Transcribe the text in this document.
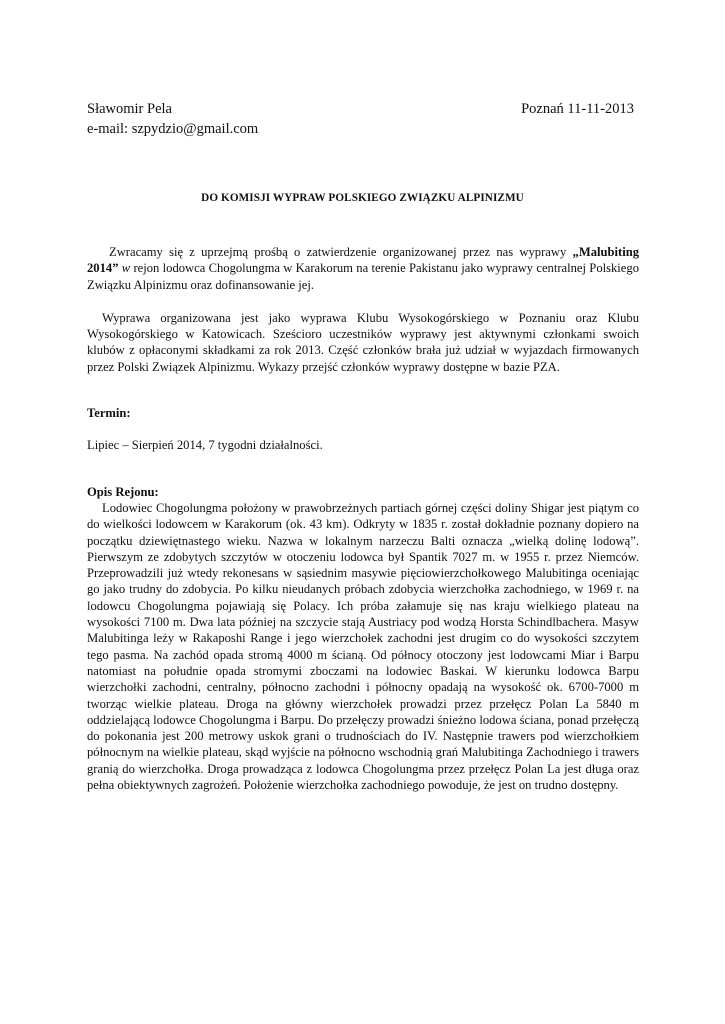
Sławomir Pela
e-mail: szpydzio@gmail.com
Poznań 11-11-2013
DO KOMISJI WYPRAW POLSKIEGO ZWIĄZKU ALPINIZMU

Zwracamy się z uprzejmą prośbą o zatwierdzenie organizowanej przez nas wyprawy „Malubiting 2014” w rejon lodowca Chogolungma w Karakorum na terenie Pakistanu jako wyprawy centralnej Polskiego Związku Alpinizmu oraz dofinansowanie jej.

Wyprawa organizowana jest jako wyprawa Klubu Wysokogórskiego w Poznaniu oraz Klubu Wysokogórskiego w Katowicach. Sześcioro uczestników wyprawy jest aktywnymi członkami swoich klubów z opłaconymi składkami za rok 2013. Część członków brała już udział w wyjazdach firmowanych przez Polski Związek Alpinizmu. Wykazy przejść członków wyprawy dostępne w bazie PZA.

Termin:

Lipiec – Sierpień 2014, 7 tygodni działalności.

Opis Rejonu:

Lodowiec Chogolungma położony w prawobrzeżnych partiach górnej części doliny Shigar jest piątym co do wielkości lodowcem w Karakorum (ok. 43 km). Odkryty w 1835 r. został dokładnie poznany dopiero na początku dziewiętnastego wieku. Nazwa w lokalnym narzeczu Balti oznacza „wielką dolinę lodową”. Pierwszym ze zdobytych szczytów w otoczeniu lodowca był Spantik 7027 m. w 1955 r. przez Niemców. Przeprowadzili już wtedy rekonesans w sąsiednim masywie pięciowierzchołkowego Malubitinga oceniając go jako trudny do zdobycia. Po kilku nieudanych próbach zdobycia wierzchołka zachodniego, w 1969 r. na lodowcu Chogolungma pojawiają się Polacy. Ich próba załamuje się nas kraju wielkiego plateau na wysokości 7100 m. Dwa lata później na szczycie stają Austriacy pod wodzą Horsta Schindlbachera. Masyw Malubitinga leży w Rakaposhi Range i jego wierzchołek zachodni jest drugim co do wysokości szczytem tego pasma. Na zachód opada stromą 4000 m ścianą. Od północy otoczony jest lodowcami Miar i Barpu natomiast na południe opada stromymi zboczami na lodowiec Baskai. W kierunku lodowca Barpu wierzchołki zachodni, centralny, północno zachodni i północny opadają na wysokość ok. 6700-7000 m tworząc wielkie plateau. Droga na główny wierzchołek prowadzi przez przełęcz Polan La 5840 m oddzielającą lodowce Chogolungma i Barpu. Do przełęczy prowadzi śnieżno lodowa ściana, ponad przełęczą do pokonania jest 200 metrowy uskok grani o trudnościach do IV. Następnie trawers pod wierzchołkiem północnym na wielkie plateau, skąd wyjście na północno wschodnią grań Malubitinga Zachodniego i trawers granią do wierzchołka. Droga prowadząca z lodowca Chogolungma przez przełęcz Polan La jest długa oraz pełna obiektywnych zagrożeń. Położenie wierzchołka zachodniego powoduje, że jest on trudno dostępny.
